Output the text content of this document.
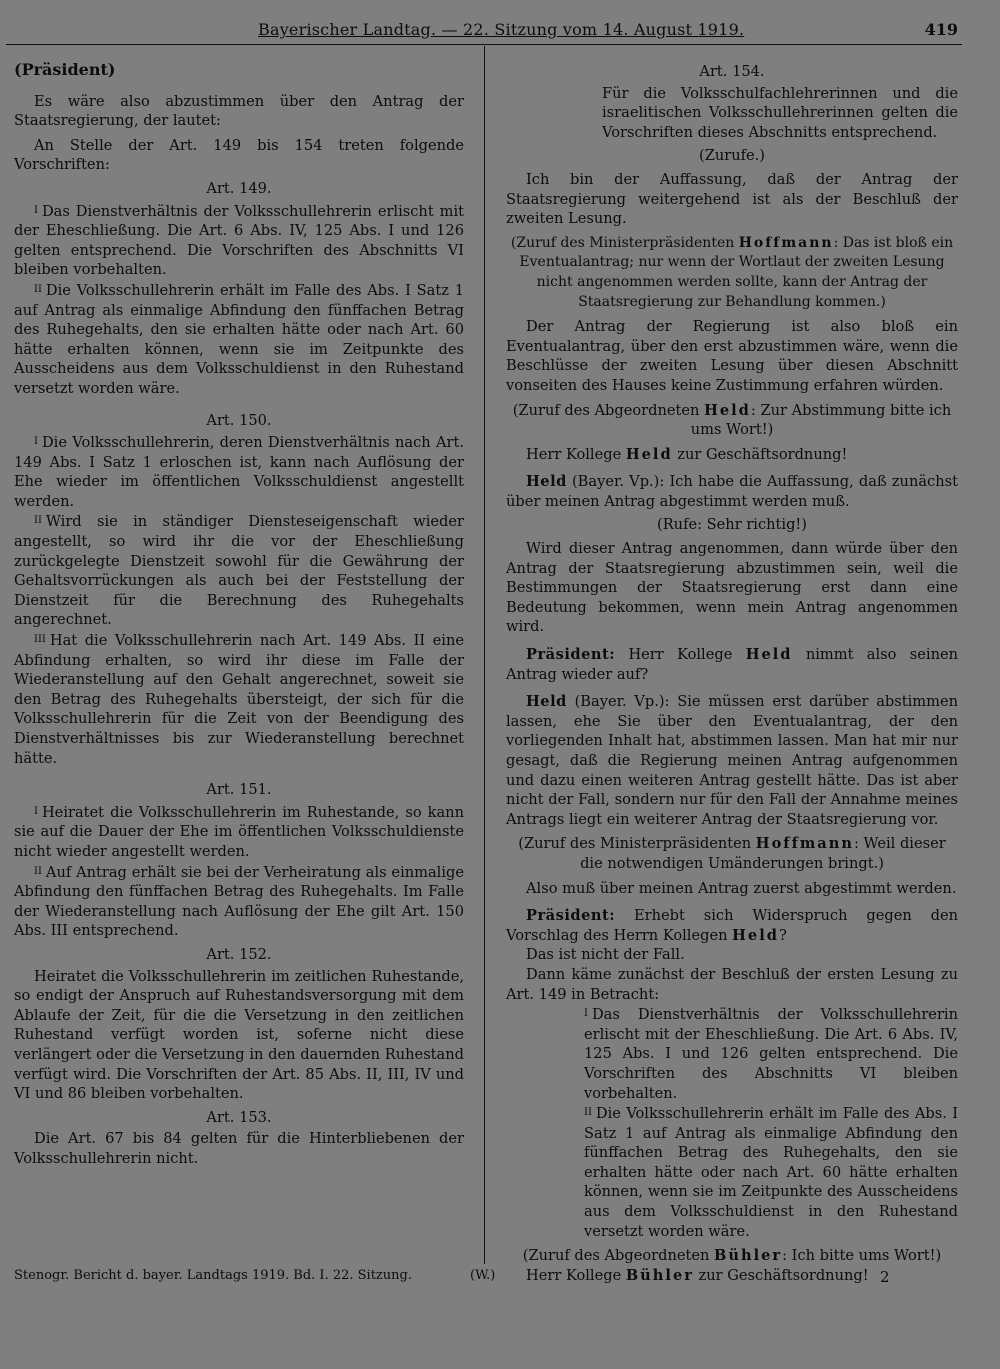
Bayerischer Landtag. — 22. Sitzung vom 14. August 1919.	419

(Präsident)

Es wäre also abzustimmen über den Antrag der Staatsregierung, der lautet:

An Stelle der Art. 149 bis 154 treten folgende Vorschriften:

Art. 149.

$^I$ Das Dienstverhältnis der Volksschullehrerin erlischt mit der Eheschließung. Die Art. 6 Abs. IV, 125 Abs. I und 126 gelten entsprechend. Die Vorschriften des Abschnitts VI bleiben vorbehalten.

$^{II}$ Die Volksschullehrerin erhält im Falle des Abs. I Satz 1 auf Antrag als einmalige Abfindung den fünffachen Betrag des Ruhegehalts, den sie erhalten hätte oder nach Art. 60 hätte erhalten können, wenn sie im Zeitpunkte des Ausscheidens aus dem Volksschuldienst in den Ruhestand versetzt worden wäre.

Art. 150.

$^I$ Die Volksschullehrerin, deren Dienstverhältnis nach Art. 149 Abs. I Satz 1 erloschen ist, kann nach Auflösung der Ehe wieder im öffentlichen Volksschuldienst angestellt werden.

$^{II}$ Wird sie in ständiger Diensteseigenschaft wieder angestellt, so wird ihr die vor der Eheschließung zurückgelegte Dienstzeit sowohl für die Gewährung der Gehaltsvorrückungen als auch bei der Feststellung der Dienstzeit für die Berechnung des Ruhegehalts angerechnet.

$^{III}$ Hat die Volksschullehrerin nach Art. 149 Abs. II eine Abfindung erhalten, so wird ihr diese im Falle der Wiederanstellung auf den Gehalt angerechnet, soweit sie den Betrag des Ruhegehalts übersteigt, der sich für die Volksschullehrerin für die Zeit von der Beendigung des Dienstverhältnisses bis zur Wiederanstellung berechnet hätte.

Art. 151.

$^I$ Heiratet die Volksschullehrerin im Ruhestande, so kann sie auf die Dauer der Ehe im öffentlichen Volksschuldienste nicht wieder angestellt werden.

$^{II}$ Auf Antrag erhält sie bei der Verheiratung als einmalige Abfindung den fünffachen Betrag des Ruhegehalts. Im Falle der Wiederanstellung nach Auflösung der Ehe gilt Art. 150 Abs. III entsprechend.

Art. 152.

Heiratet die Volksschullehrerin im zeitlichen Ruhestande, so endigt der Anspruch auf Ruhestandsversorgung mit dem Ablaufe der Zeit, für die die Versetzung in den zeitlichen Ruhestand verfügt worden ist, soferne nicht diese verlängert oder die Versetzung in den dauernden Ruhestand verfügt wird. Die Vorschriften der Art. 85 Abs. II, III, IV und VI und 86 bleiben vorbehalten.

Art. 153.

Die Art. 67 bis 84 gelten für die Hinterbliebenen der Volksschullehrerin nicht.

Art. 154.

Für die Volksschulfachlehrerinnen und die israelitischen Volksschullehrerinnen gelten die Vorschriften dieses Abschnitts entsprechend.

(Zurufe.)

Ich bin der Auffassung, daß der Antrag der Staatsregierung weitergehend ist als der Beschluß der zweiten Lesung.

(Zuruf des Ministerpräsidenten Hoffmann: Das ist bloß ein Eventualantrag; nur wenn der Wortlaut der zweiten Lesung nicht angenommen werden sollte, kann der Antrag der Staatsregierung zur Behandlung kommen.)

Der Antrag der Regierung ist also bloß ein Eventualantrag, über den erst abzustimmen wäre, wenn die Beschlüsse der zweiten Lesung über diesen Abschnitt vonseiten des Hauses keine Zustimmung erfahren würden.

(Zuruf des Abgeordneten Held: Zur Abstimmung bitte ich ums Wort!)

Herr Kollege Held zur Geschäftsordnung!

Held (Bayer. Vp.): Ich habe die Auffassung, daß zunächst über meinen Antrag abgestimmt werden muß.

(Rufe: Sehr richtig!)

Wird dieser Antrag angenommen, dann würde über den Antrag der Staatsregierung abzustimmen sein, weil die Bestimmungen der Staatsregierung erst dann eine Bedeutung bekommen, wenn mein Antrag angenommen wird.

Präsident: Herr Kollege Held nimmt also seinen Antrag wieder auf?

Held (Bayer. Vp.): Sie müssen erst darüber abstimmen lassen, ehe Sie über den Eventualantrag, der den vorliegenden Inhalt hat, abstimmen lassen. Man hat mir nur gesagt, daß die Regierung meinen Antrag aufgenommen und dazu einen weiteren Antrag gestellt hätte. Das ist aber nicht der Fall, sondern nur für den Fall der Annahme meines Antrags liegt ein weiterer Antrag der Staatsregierung vor.

(Zuruf des Ministerpräsidenten Hoffmann: Weil dieser die notwendigen Umänderungen bringt.)

Also muß über meinen Antrag zuerst abgestimmt werden.

Präsident: Erhebt sich Widerspruch gegen den Vorschlag des Herrn Kollegen Held?

Das ist nicht der Fall.

Dann käme zunächst der Beschluß der ersten Lesung zu Art. 149 in Betracht:

$^I$ Das Dienstverhältnis der Volksschullehrerin erlischt mit der Eheschließung. Die Art. 6 Abs. IV, 125 Abs. I und 126 gelten entsprechend. Die Vorschriften des Abschnitts VI bleiben vorbehalten.

$^{II}$ Die Volksschullehrerin erhält im Falle des Abs. I Satz 1 auf Antrag als einmalige Abfindung den fünffachen Betrag des Ruhegehalts, den sie erhalten hätte oder nach Art. 60 hätte erhalten können, wenn sie im Zeitpunkte des Ausscheidens aus dem Volksschuldienst in den Ruhestand versetzt worden wäre.

(Zuruf des Abgeordneten Bühler: Ich bitte ums Wort!)

Herr Kollege Bühler zur Geschäftsordnung!

Stenogr. Bericht d. bayer. Landtags 1919. Bd. I. 22. Sitzung.	(W.)	2
